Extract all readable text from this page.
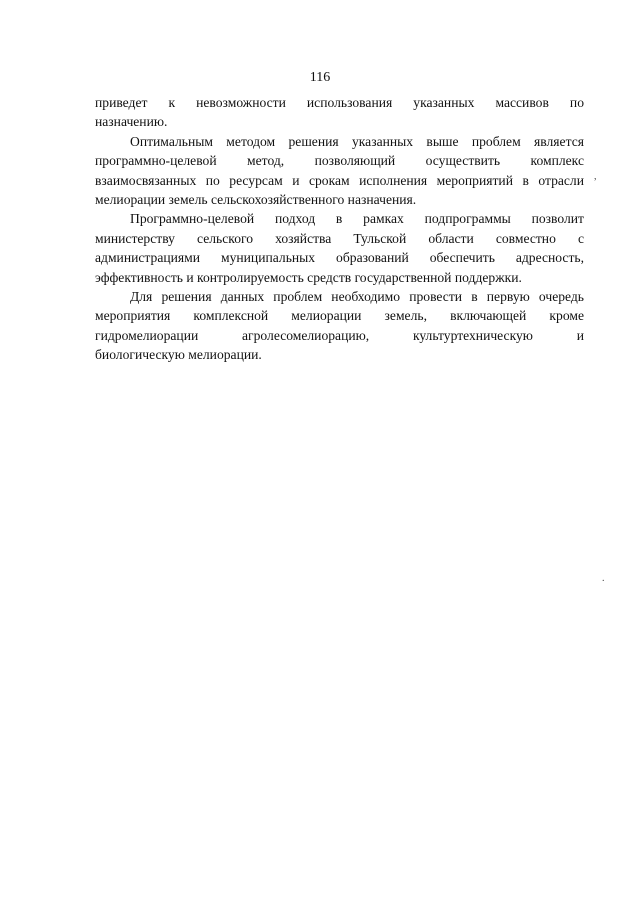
116

приведет к невозможности использования указанных массивов по
назначению.

Оптимальным методом решения указанных выше проблем является
программно-целевой метод, позволяющий осуществить комплекс
взаимосвязанных по ресурсам и срокам исполнения мероприятий в отрасли
мелиорации земель сельскохозяйственного назначения.

Программно-целевой подход в рамках подпрограммы позволит
министерству сельского хозяйства Тульской области совместно с
администрациями муниципальных образований обеспечить адресность,
эффективность и контролируемость средств государственной поддержки.

Для решения данных проблем необходимо провести в первую очередь
мероприятия комплексной мелиорации земель, включающей кроме
гидромелиорации агролесомелиорацию, культуртехническую и
биологическую мелиорации.

,
.
